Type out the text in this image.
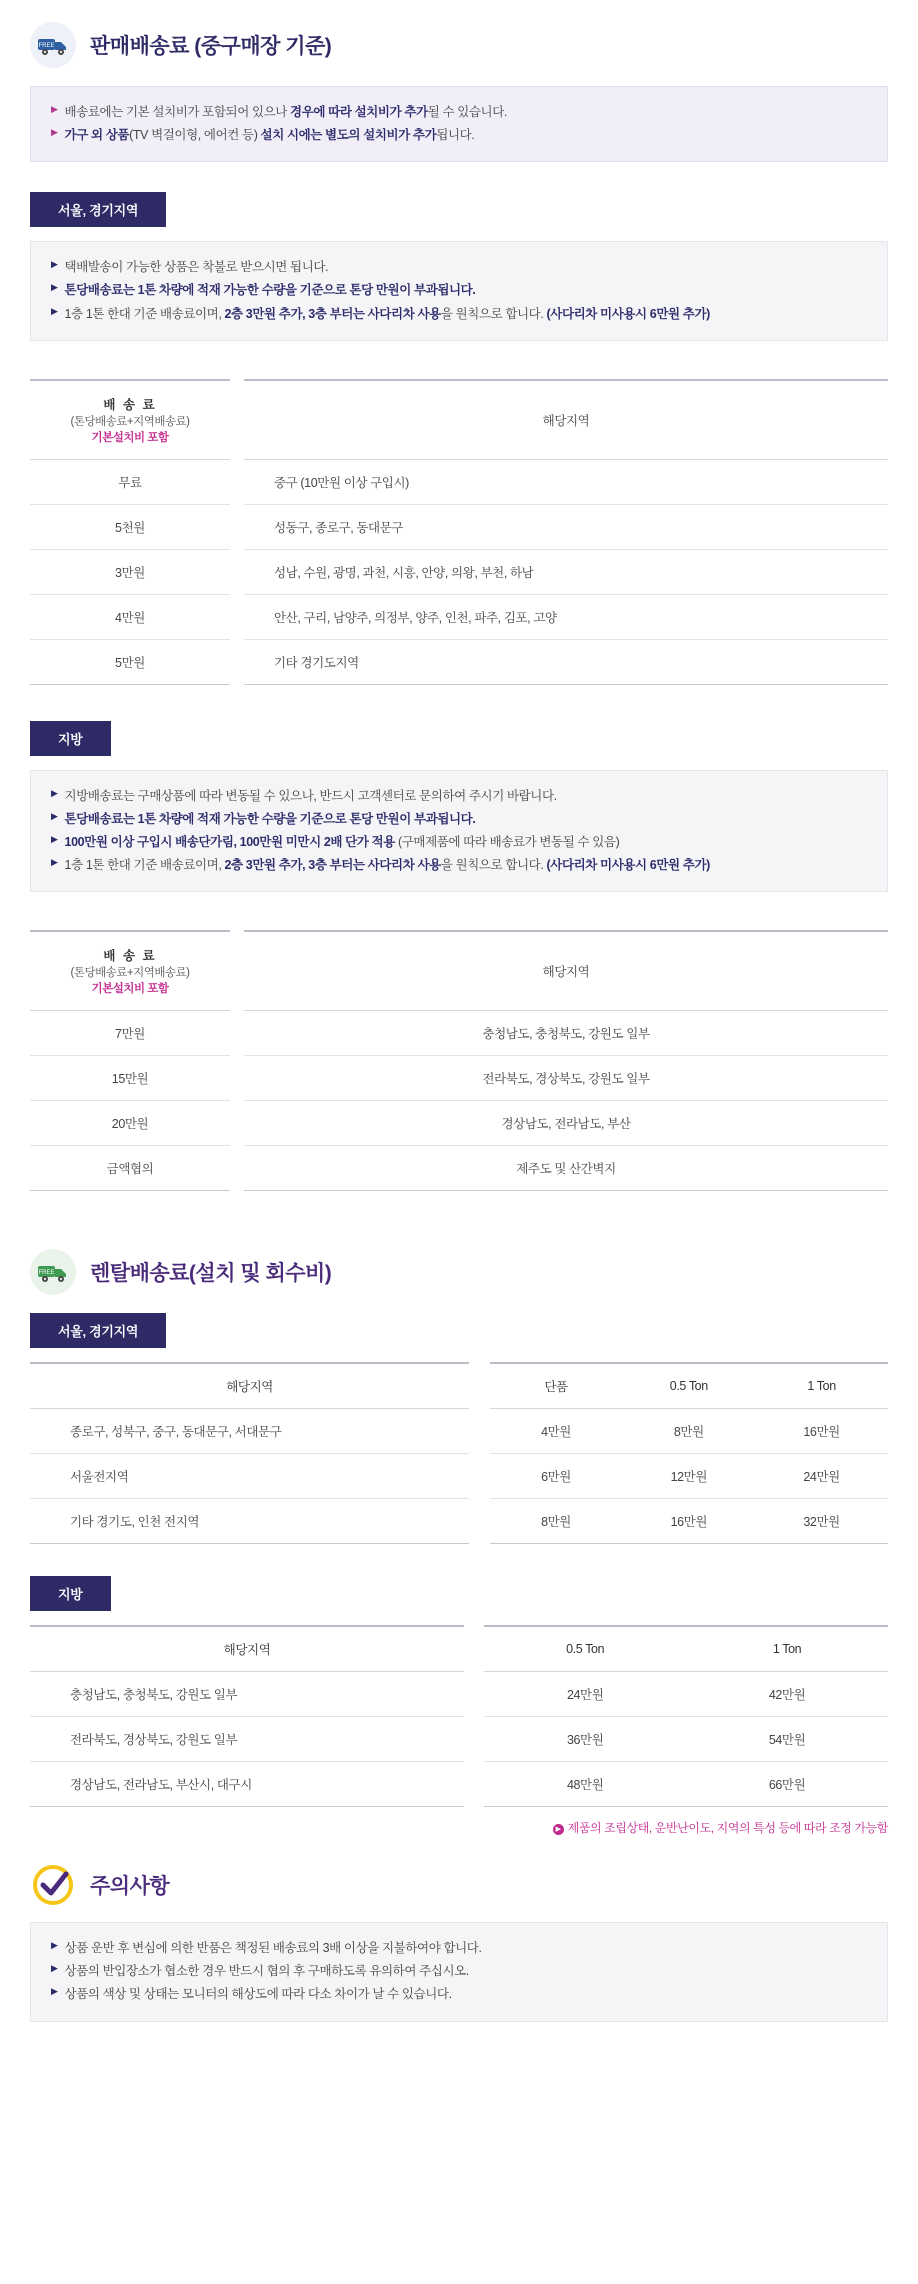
FREE 판매배송료 (중구매장 기준)
▶ 배송료에는 기본 설치비가 포함되어 있으나 경우에 따라 설치비가 추가될 수 있습니다.
▶ 가구 외 상품(TV 벽걸이형, 에어컨 등) 설치 시에는 별도의 설치비가 추가됩니다.
서울, 경기지역
▶ 택배발송이 가능한 상품은 착불로 받으시면 됩니다.
▶ 톤당배송료는 1톤 차량에 적재 가능한 수량을 기준으로 톤당 만원이 부과됩니다.
▶ 1층 1톤 한대 기준 배송료이며, 2층 3만원 추가, 3층 부터는 사다리차 사용을 원칙으로 합니다. (사다리차 미사용시 6만원 추가)
배 송 료
(톤당배송료+지역배송료)
기본설치비 포함		해당지역
무료		중구 (10만원 이상 구입시)
5천원		성동구, 종로구, 동대문구
3만원		성남, 수원, 광명, 과천, 시흥, 안양, 의왕, 부천, 하남
4만원		안산, 구리, 남양주, 의정부, 양주, 인천, 파주, 김포, 고양
5만원		기타 경기도지역
지방
▶ 지방배송료는 구매상품에 따라 변동될 수 있으나, 반드시 고객센터로 문의하여 주시기 바랍니다.
▶ 톤당배송료는 1톤 차량에 적재 가능한 수량을 기준으로 톤당 만원이 부과됩니다.
▶ 100만원 이상 구입시 배송단가림, 100만원 미만시 2배 단가 적용 (구매제품에 따라 배송료가 변동될 수 있음)
▶ 1층 1톤 한대 기준 배송료이며, 2층 3만원 추가, 3층 부터는 사다리차 사용을 원칙으로 합니다. (사다리차 미사용시 6만원 추가)
배 송 료
(톤당배송료+지역배송료)
기본설치비 포함		해당지역
7만원		충청남도, 충청북도, 강원도 일부
15만원		전라북도, 경상북도, 강원도 일부
20만원		경상남도, 전라남도, 부산
금액협의		제주도 및 산간벽지
FREE 렌탈배송료(설치 및 회수비)
서울, 경기지역
해당지역		단품	0.5 Ton	1 Ton
종로구, 성북구, 중구, 동대문구, 서대문구		4만원	8만원	16만원
서울전지역		6만원	12만원	24만원
기타 경기도, 인천 전지역		8만원	16만원	32만원
지방
해당지역		0.5 Ton	1 Ton
충청남도, 충청북도, 강원도 일부		24만원	42만원
전라북도, 경상북도, 강원도 일부		36만원	54만원
경상남도, 전라남도, 부산시, 대구시		48만원	66만원
▶ 제품의 조립상태, 운반난이도, 지역의 특성 등에 따라 조정 가능함
주의사항
▶ 상품 운반 후 변심에 의한 반품은 책정된 배송료의 3배 이상을 지불하여야 합니다.
▶ 상품의 반입장소가 협소한 경우 반드시 협의 후 구매하도록 유의하여 주십시오.
▶ 상품의 색상 및 상태는 모니터의 해상도에 따라 다소 차이가 날 수 있습니다.
